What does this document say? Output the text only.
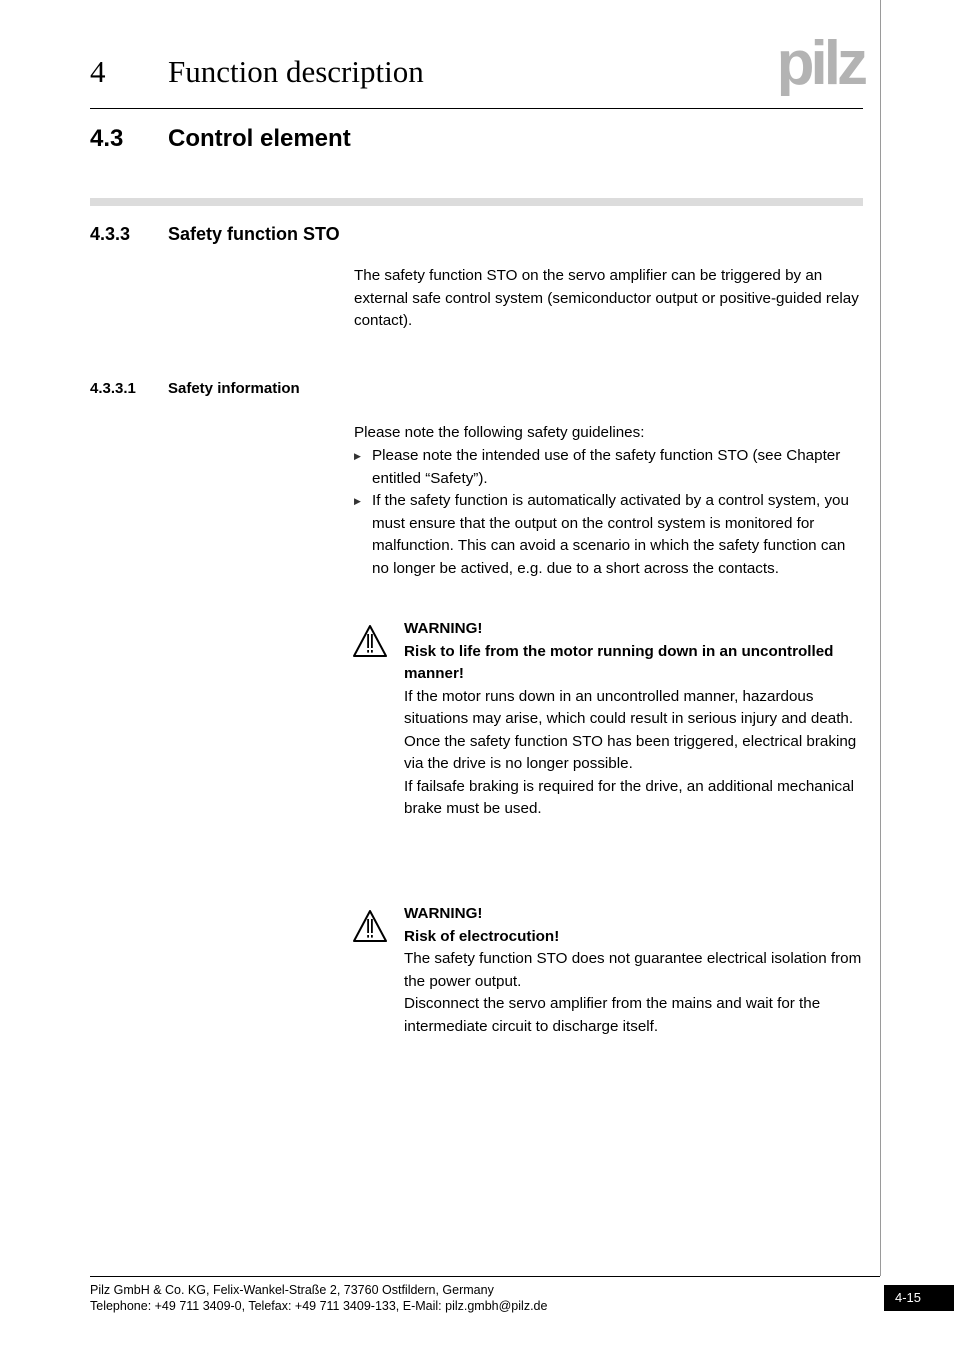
4 Function description	pilz
4.3 Control element
4.3.3 Safety function STO
The safety function STO on the servo amplifier can be triggered by an external safe control system (semiconductor output or positive-guided relay contact).
4.3.3.1 Safety information
Please note the following safety guidelines:
▶ Please note the intended use of the safety function STO (see Chapter entitled “Safety”).
▶ If the safety function is automatically activated by a control system, you must ensure that the output on the control system is monitored for malfunction. This can avoid a scenario in which the safety function can no longer be actived, e.g. due to a short across the contacts.
WARNING!
Risk to life from the motor running down in an uncontrolled manner!
If the motor runs down in an uncontrolled manner, hazardous situations may arise, which could result in serious injury and death.
Once the safety function STO has been triggered, electrical braking via the drive is no longer possible.
If failsafe braking is required for the drive, an additional mechanical brake must be used.
WARNING!
Risk of electrocution!
The safety function STO does not guarantee electrical isolation from the power output.
Disconnect the servo amplifier from the mains and wait for the intermediate circuit to discharge itself.
Pilz GmbH & Co. KG, Felix-Wankel-Straße 2, 73760 Ostfildern, Germany
Telephone: +49 711 3409-0, Telefax: +49 711 3409-133, E-Mail: pilz.gmbh@pilz.de
4-15
